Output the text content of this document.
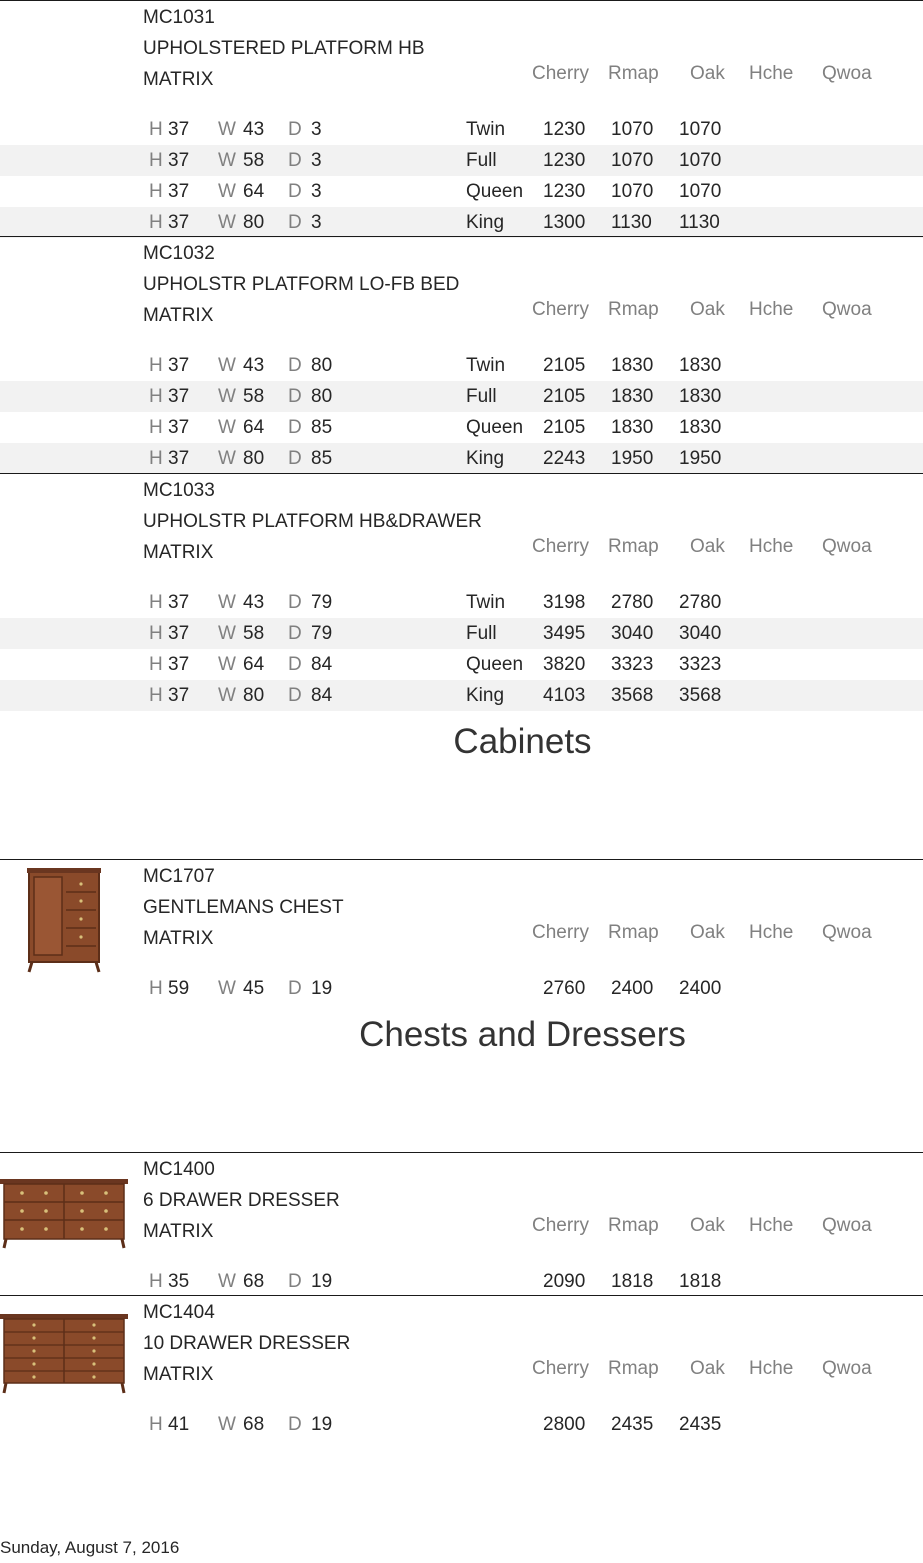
MC1031
UPHOLSTERED PLATFORM HB
MATRIX	Cherry Rmap Oak Hche Qwoa
H 37 W 43 D 3	Twin 1230 1070 1070
H 37 W 58 D 3	Full 1230 1070 1070
H 37 W 64 D 3	Queen 1230 1070 1070
H 37 W 80 D 3	King 1300 1130 1130
MC1032
UPHOLSTR PLATFORM LO-FB BED
MATRIX	Cherry Rmap Oak Hche Qwoa
H 37 W 43 D 80	Twin 2105 1830 1830
H 37 W 58 D 80	Full 2105 1830 1830
H 37 W 64 D 85	Queen 2105 1830 1830
H 37 W 80 D 85	King 2243 1950 1950
MC1033
UPHOLSTR PLATFORM HB&DRAWER
MATRIX	Cherry Rmap Oak Hche Qwoa
H 37 W 43 D 79	Twin 3198 2780 2780
H 37 W 58 D 79	Full 3495 3040 3040
H 37 W 64 D 84	Queen 3820 3323 3323
H 37 W 80 D 84	King 4103 3568 3568
Cabinets
MC1707
GENTLEMANS CHEST
MATRIX	Cherry Rmap Oak Hche Qwoa
H 59 W 45 D 19	2760 2400 2400
Chests and Dressers
MC1400
6 DRAWER DRESSER
MATRIX	Cherry Rmap Oak Hche Qwoa
H 35 W 68 D 19	2090 1818 1818
MC1404
10 DRAWER DRESSER
MATRIX	Cherry Rmap Oak Hche Qwoa
H 41 W 68 D 19	2800 2435 2435
Sunday, August 7, 2016
